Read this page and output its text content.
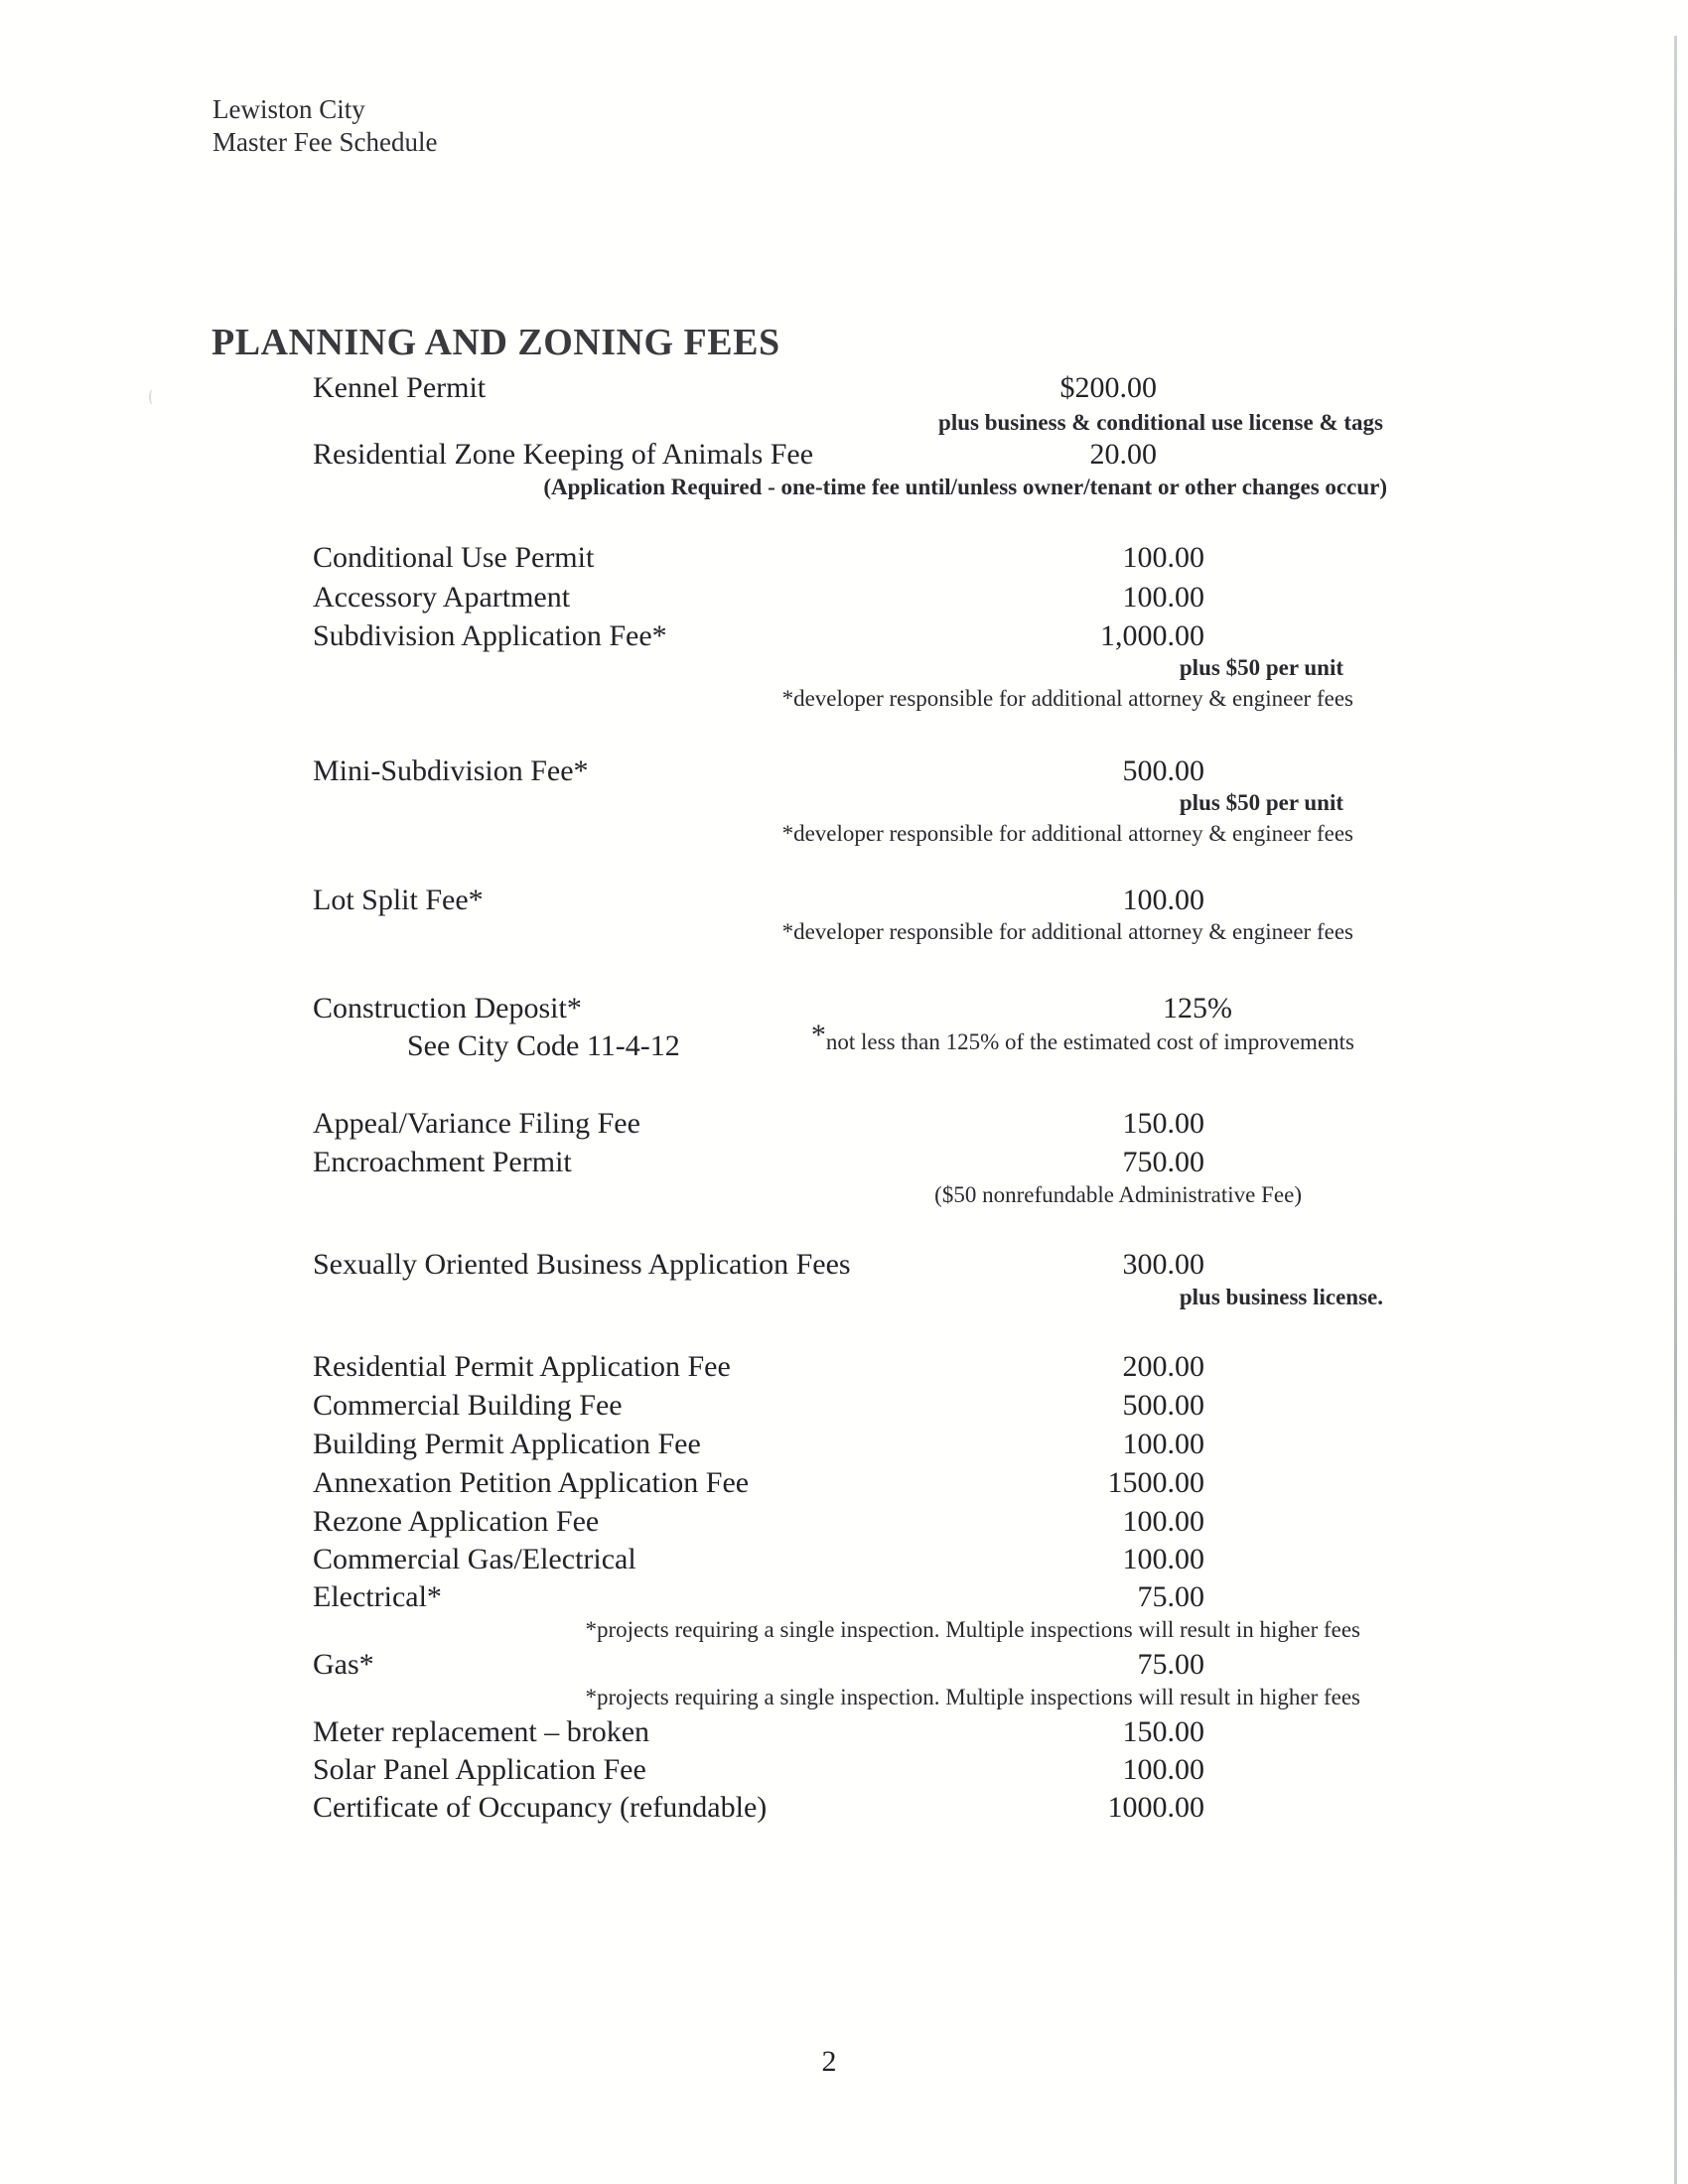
Lewiston City
Master Fee Schedule
PLANNING AND ZONING FEES
Kennel Permit	$200.00
plus business & conditional use license & tags
Residential Zone Keeping of Animals Fee	20.00
(Application Required - one-time fee until/unless owner/tenant or other changes occur)
Conditional Use Permit	100.00
Accessory Apartment	100.00
Subdivision Application Fee*	1,000.00
plus $50 per unit
*developer responsible for additional attorney & engineer fees
Mini-Subdivision Fee*	500.00
plus $50 per unit
*developer responsible for additional attorney & engineer fees
Lot Split Fee*	100.00
*developer responsible for additional attorney & engineer fees
Construction Deposit*	125%
See City Code 11-4-12	*not less than 125% of the estimated cost of improvements
Appeal/Variance Filing Fee	150.00
Encroachment Permit	750.00
($50 nonrefundable Administrative Fee)
Sexually Oriented Business Application Fees	300.00
plus business license.
Residential Permit Application Fee	200.00
Commercial Building Fee	500.00
Building Permit Application Fee	100.00
Annexation Petition Application Fee	1500.00
Rezone Application Fee	100.00
Commercial Gas/Electrical	100.00
Electrical*	75.00
*projects requiring a single inspection. Multiple inspections will result in higher fees
Gas*	75.00
*projects requiring a single inspection. Multiple inspections will result in higher fees
Meter replacement – broken	150.00
Solar Panel Application Fee	100.00
Certificate of Occupancy (refundable)	1000.00
2
